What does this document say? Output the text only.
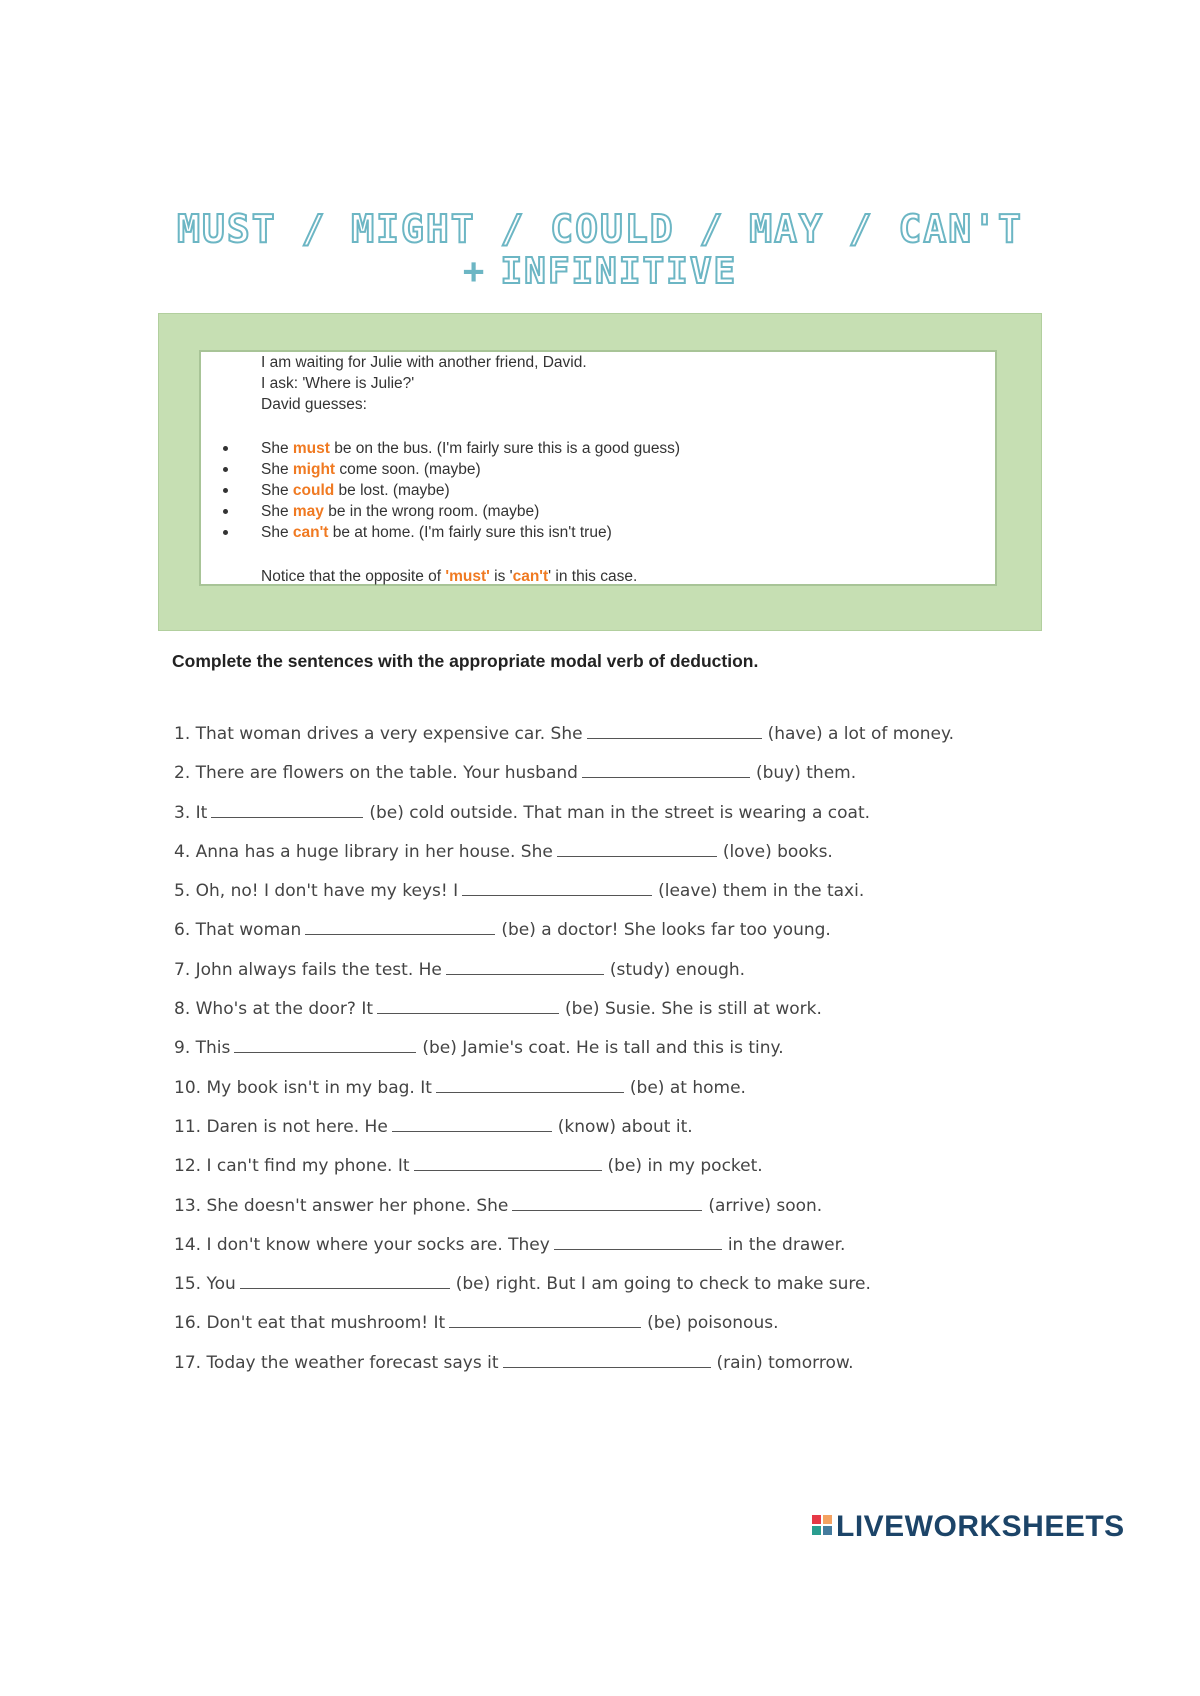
MUST / MIGHT / COULD / MAY / CAN'T
+ INFINITIVE
I am waiting for Julie with another friend, David.
I ask: 'Where is Julie?'
David guesses:
She must be on the bus. (I'm fairly sure this is a good guess)
She might come soon. (maybe)
She could be lost. (maybe)
She may be in the wrong room. (maybe)
She can't be at home. (I'm fairly sure this isn't true)
Notice that the opposite of 'must' is 'can't' in this case.
Complete the sentences with the appropriate modal verb of deduction.
1. That woman drives a very expensive car. She	(have) a lot of money.
2. There are flowers on the table. Your husband	(buy) them.
3. It	(be) cold outside. That man in the street is wearing a coat.
4. Anna has a huge library in her house. She	(love) books.
5. Oh, no! I don't have my keys! I	(leave) them in the taxi.
6. That woman	(be) a doctor! She looks far too young.
7. John always fails the test. He	(study) enough.
8. Who's at the door? It	(be) Susie. She is still at work.
9. This	(be) Jamie's coat. He is tall and this is tiny.
10. My book isn't in my bag. It	(be) at home.
11. Daren is not here. He	(know) about it.
12. I can't find my phone. It	(be) in my pocket.
13. She doesn't answer her phone. She	(arrive) soon.
14. I don't know where your socks are. They	in the drawer.
15. You	(be) right. But I am going to check to make sure.
16. Don't eat that mushroom! It	(be) poisonous.
17. Today the weather forecast says it	(rain) tomorrow.
LIVEWORKSHEETS
